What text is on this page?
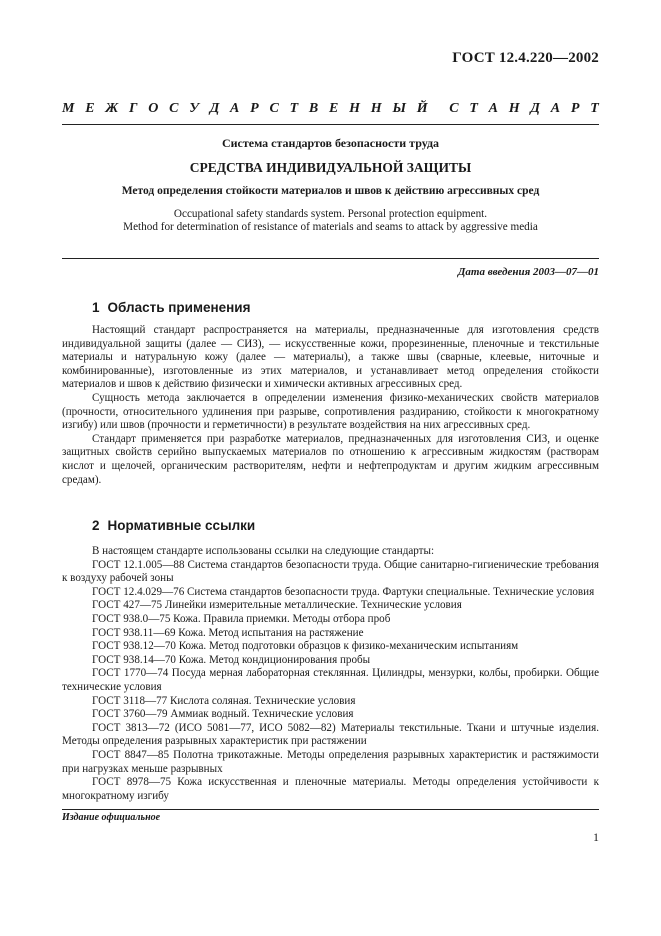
ГОСТ 12.4.220—2002
М Е Ж Г О С У Д А Р С Т В Е Н Н Ы Й С Т А Н Д А Р Т
Система стандартов безопасности труда
СРЕДСТВА ИНДИВИДУАЛЬНОЙ ЗАЩИТЫ
Метод определения стойкости материалов и швов к действию агрессивных сред
Occupational safety standards system. Personal protection equipment.
Method for determination of resistance of materials and seams to attack by aggressive media
Дата введения 2003—07—01
1 Область применения

Настоящий стандарт распространяется на материалы, предназначенные для изготовления средств индивидуальной защиты (далее — СИЗ), — искусственные кожи, прорезиненные, пленочные и текстильные материалы и натуральную кожу (далее — материалы), а также швы (сварные, клеевые, ниточные и комбинированные), изготовленные из этих материалов, и устанавливает метод определения стойкости материалов и швов к действию физически и химически активных агрессивных сред.

Сущность метода заключается в определении изменения физико-механических свойств материалов (прочности, относительного удлинения при разрыве, сопротивления раздиранию, стойкости к многократному изгибу) или швов (прочности и герметичности) в результате воздействия на них агрессивных сред.

Стандарт применяется при разработке материалов, предназначенных для изготовления СИЗ, и оценке защитных свойств серийно выпускаемых материалов по отношению к агрессивным жидкостям (растворам кислот и щелочей, органическим растворителям, нефти и нефтепродуктам и другим жидким агрессивным средам).

2 Нормативные ссылки

В настоящем стандарте использованы ссылки на следующие стандарты:

ГОСТ 12.1.005—88 Система стандартов безопасности труда. Общие санитарно-гигиенические требования к воздуху рабочей зоны

ГОСТ 12.4.029—76 Система стандартов безопасности труда. Фартуки специальные. Технические условия

ГОСТ 427—75 Линейки измерительные металлические. Технические условия

ГОСТ 938.0—75 Кожа. Правила приемки. Методы отбора проб

ГОСТ 938.11—69 Кожа. Метод испытания на растяжение

ГОСТ 938.12—70 Кожа. Метод подготовки образцов к физико-механическим испытаниям

ГОСТ 938.14—70 Кожа. Метод кондиционирования пробы

ГОСТ 1770—74 Посуда мерная лабораторная стеклянная. Цилиндры, мензурки, колбы, пробирки. Общие технические условия

ГОСТ 3118—77 Кислота соляная. Технические условия

ГОСТ 3760—79 Аммиак водный. Технические условия

ГОСТ 3813—72 (ИСО 5081—77, ИСО 5082—82) Материалы текстильные. Ткани и штучные изделия. Методы определения разрывных характеристик при растяжении

ГОСТ 8847—85 Полотна трикотажные. Методы определения разрывных характеристик и растяжимости при нагрузках меньше разрывных

ГОСТ 8978—75 Кожа искусственная и пленочные материалы. Методы определения устойчивости к многократному изгибу

Издание официальное
1
